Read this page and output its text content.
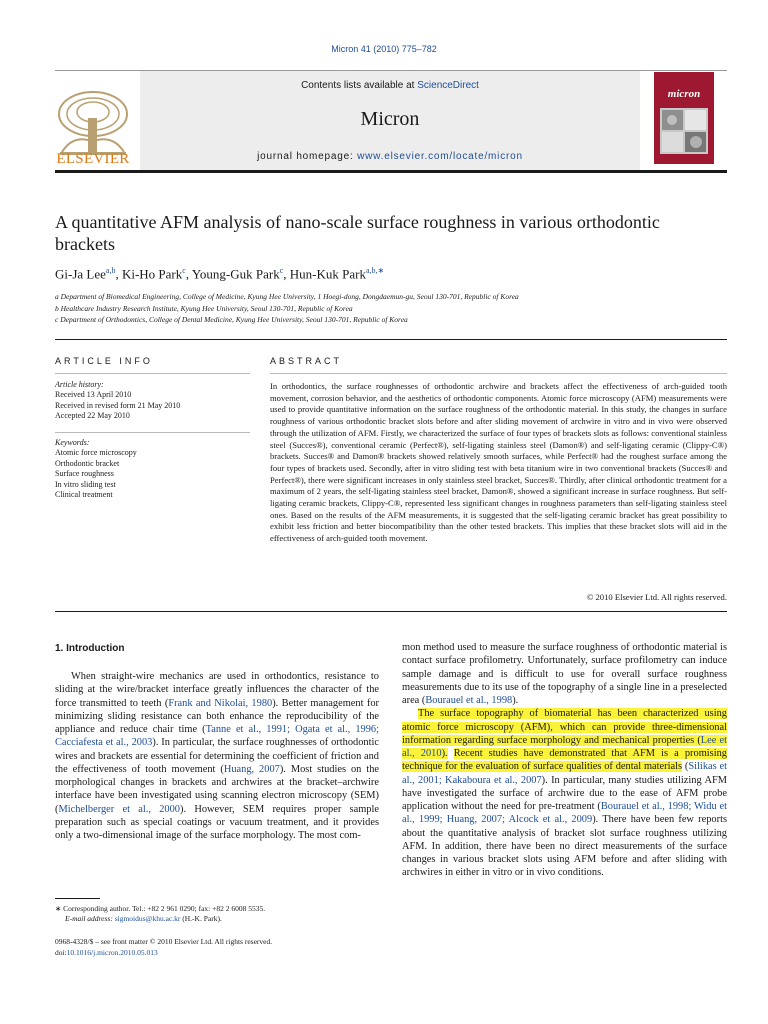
Micron 41 (2010) 775–782
ELSEVIER
Contents lists available at ScienceDirect
Micron
journal homepage: www.elsevier.com/locate/micron
micron
A quantitative AFM analysis of nano-scale surface roughness in various orthodontic brackets
Gi-Ja Lee$^{a,b}$, Ki-Ho Park$^c$, Young-Guk Park$^c$, Hun-Kuk Park$^{a,b,∗}$
a Department of Biomedical Engineering, College of Medicine, Kyung Hee University, 1 Hoegi-dong, Dongdaemun-gu, Seoul 130-701, Republic of Korea
b Healthcare Industry Research Institute, Kyung Hee University, Seoul 130-701, Republic of Korea
c Department of Orthodontics, College of Dental Medicine, Kyung Hee University, Seoul 130-701, Republic of Korea
ARTICLE INFO
Article history:
Received 13 April 2010
Received in revised form 21 May 2010
Accepted 22 May 2010
Keywords:
Atomic force microscopy
Orthodontic bracket
Surface roughness
In vitro sliding test
Clinical treatment
ABSTRACT
In orthodontics, the surface roughnesses of orthodontic archwire and brackets affect the effectiveness of arch-guided tooth movement, corrosion behavior, and the aesthetics of orthodontic components. Atomic force microscopy (AFM) measurements were used to provide quantitative information on the surface roughness of the orthodontic material. In this study, the changes in surface roughness of various orthodontic bracket slots before and after sliding movement of archwire in vitro and in vivo were observed through the utilization of AFM. Firstly, we characterized the surface of four types of brackets slots as follows: conventional stainless steel (Succes®), conventional ceramic (Perfect®), self-ligating stainless steel (Damon®) and self-ligating ceramic (Clippy-C®) brackets. Succes® and Damon® brackets showed relatively smooth surfaces, while Perfect® had the roughest surface among the four types of brackets used. Secondly, after in vitro sliding test with beta titanium wire in two conventional brackets (Succes® and Perfect®), there were significant increases in only stainless steel bracket, Succes®. Thirdly, after clinical orthodontic treatment for a maximum of 2 years, the self-ligating stainless steel bracket, Damon®, showed a significant increase in surface roughness. But self-ligating ceramic brackets, Clippy-C®, represented less significant changes in roughness parameters than self-ligating stainless steel ones. Based on the results of the AFM measurements, it is suggested that the self-ligating ceramic bracket has great possibility to exhibit less friction and better biocompatibility than the other tested brackets. This implies that these bracket slots will aid in the effectiveness of arch-guided tooth movement.
© 2010 Elsevier Ltd. All rights reserved.
1. Introduction
When straight-wire mechanics are used in orthodontics, resistance to sliding at the wire/bracket interface greatly influences the character of the force transmitted to teeth (Frank and Nikolai, 1980). Better management for minimizing sliding resistance can both enhance the reproducibility of the appliance and reduce chair time (Tanne et al., 1991; Ogata et al., 1996; Cacciafesta et al., 2003). In particular, the surface roughnesses of orthodontic wires and brackets are essential for determining the coefficient of friction and the effectiveness of tooth movement (Huang, 2007). Most studies on the morphological changes in brackets and archwires at the bracket–archwire interface have been investigated using scanning electron microscopy (SEM) (Michelberger et al., 2000). However, SEM requires proper sample preparation such as special coatings or vacuum treatment, and it provides only a two-dimensional image of the surface morphology. The most com-
mon method used to measure the surface roughness of orthodontic material is contact surface profilometry. Unfortunately, surface profilometry can induce sample damage and is difficult to use for overall surface roughness measurements due to its use of the topography of a single line in a preselected area (Bourauel et al., 1998).
The surface topography of biomaterial has been characterized using atomic force microscopy (AFM), which can provide three-dimensional information regarding surface morphology and mechanical properties (Lee et al., 2010). Recent studies have demonstrated that AFM is a promising technique for the evaluation of surface qualities of dental materials (Silikas et al., 2001; Kakaboura et al., 2007). In particular, many studies utilizing AFM have investigated the surface of archwire due to the ease of AFM probe application without the need for pre-treatment (Bourauel et al., 1998; Widu et al., 1999; Huang, 2007; Alcock et al., 2009). There have been few reports about the quantitative analysis of bracket slot surface roughness utilizing AFM. In addition, there have been no direct measurements of the surface changes in various bracket slots using AFM before and after sliding with archwires in either in vitro or in vivo conditions.
∗ Corresponding author. Tel.: +82 2 961 0290; fax: +82 2 6008 5535.
E-mail address: sigmoidus@khu.ac.kr (H.-K. Park).
0968-4328/$ – see front matter © 2010 Elsevier Ltd. All rights reserved.
doi:10.1016/j.micron.2010.05.013
